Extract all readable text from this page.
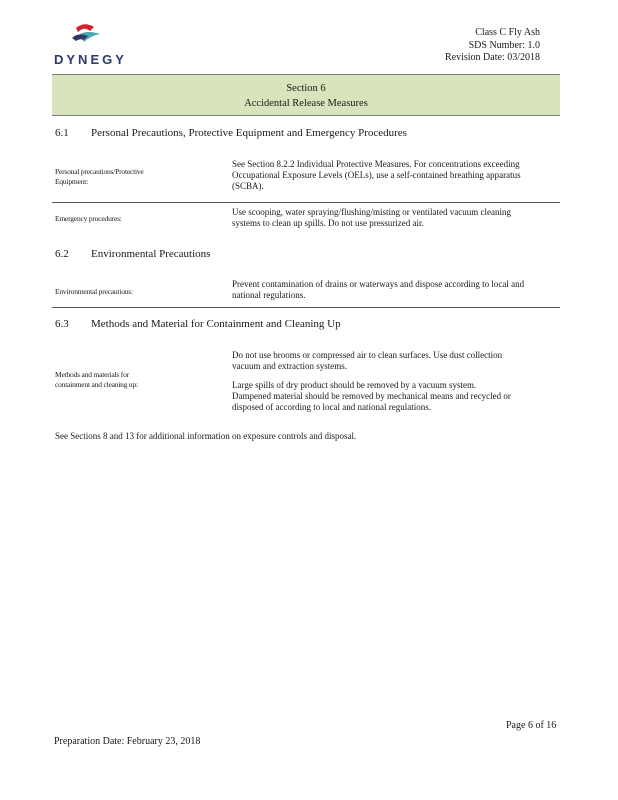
DYNEGY
Class C Fly Ash
SDS Number: 1.0
Revision Date: 03/2018
Section 6
Accidental Release Measures
6.1 Personal Precautions, Protective Equipment and Emergency Procedures
Personal precautions/Protective Equipment:
See Section 8.2.2 Individual Protective Measures. For concentrations exceeding Occupational Exposure Levels (OELs), use a self-contained breathing apparatus (SCBA).
Emergency procedures:
Use scooping, water spraying/flushing/misting or ventilated vacuum cleaning systems to clean up spills. Do not use pressurized air.
6.2 Environmental Precautions
Environmental precautions:
Prevent contamination of drains or waterways and dispose according to local and national regulations.
6.3 Methods and Material for Containment and Cleaning Up
Methods and materials for containment and cleaning up:
Do not use brooms or compressed air to clean surfaces. Use dust collection vacuum and extraction systems.
Large spills of dry product should be removed by a vacuum system. Dampened material should be removed by mechanical means and recycled or disposed of according to local and national regulations.
See Sections 8 and 13 for additional information on exposure controls and disposal.
Page 6 of 16
Preparation Date: February 23, 2018
